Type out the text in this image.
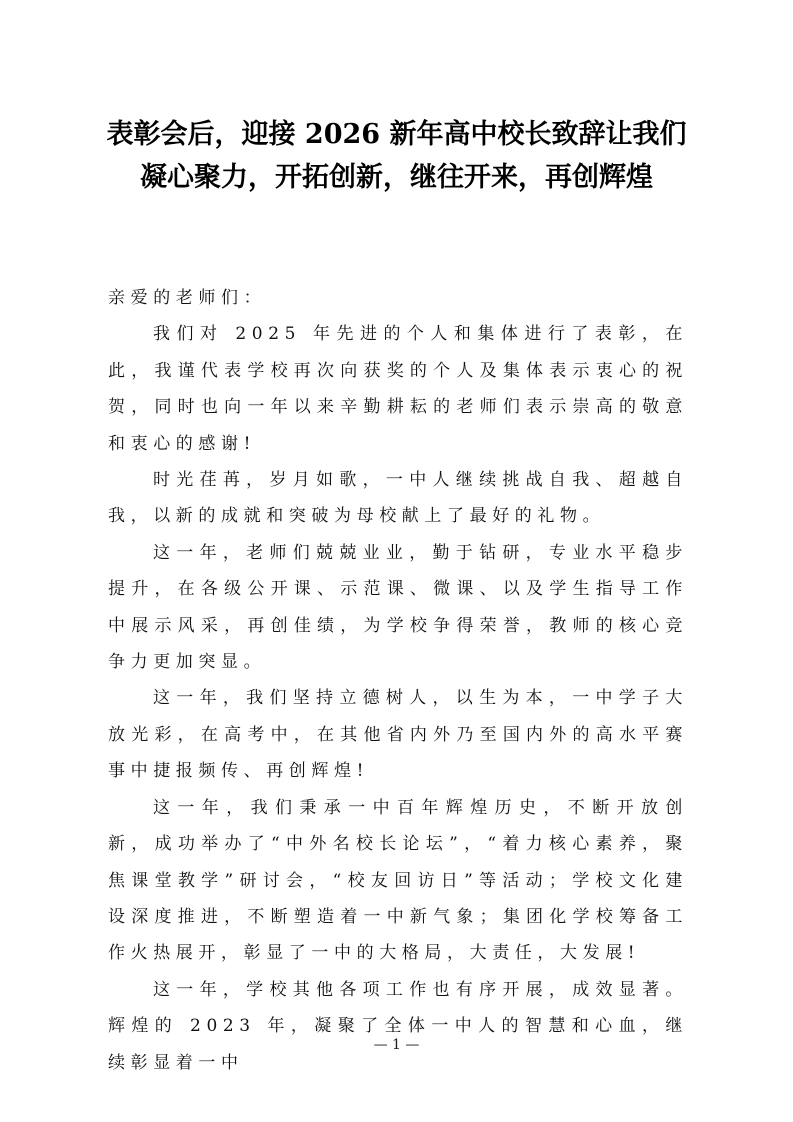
表彰会后，迎接 2026 新年高中校长致辞让我们凝心聚力，开拓创新，继往开来，再创辉煌

亲爱的老师们：

我们对 2025 年先进的个人和集体进行了表彰，在此，我谨代表学校再次向获奖的个人及集体表示衷心的祝贺，同时也向一年以来辛勤耕耘的老师们表示崇高的敬意和衷心的感谢!

时光荏苒，岁月如歌，一中人继续挑战自我、超越自我，以新的成就和突破为母校献上了最好的礼物。

这一年，老师们兢兢业业，勤于钻研，专业水平稳步提升，在各级公开课、示范课、微课、以及学生指导工作中展示风采，再创佳绩，为学校争得荣誉，教师的核心竞争力更加突显。

这一年，我们坚持立德树人，以生为本，一中学子大放光彩，在高考中，在其他省内外乃至国内外的高水平赛事中捷报频传、再创辉煌!

这一年，我们秉承一中百年辉煌历史，不断开放创新，成功举办了“中外名校长论坛”，“着力核心素养，聚焦课堂教学”研讨会，“校友回访日”等活动；学校文化建设深度推进，不断塑造着一中新气象；集团化学校筹备工作火热展开，彰显了一中的大格局，大责任，大发展!

这一年，学校其他各项工作也有序开展，成效显著。辉煌的 2023 年，凝聚了全体一中人的智慧和心血，继续彰显着一中

— 1 —
